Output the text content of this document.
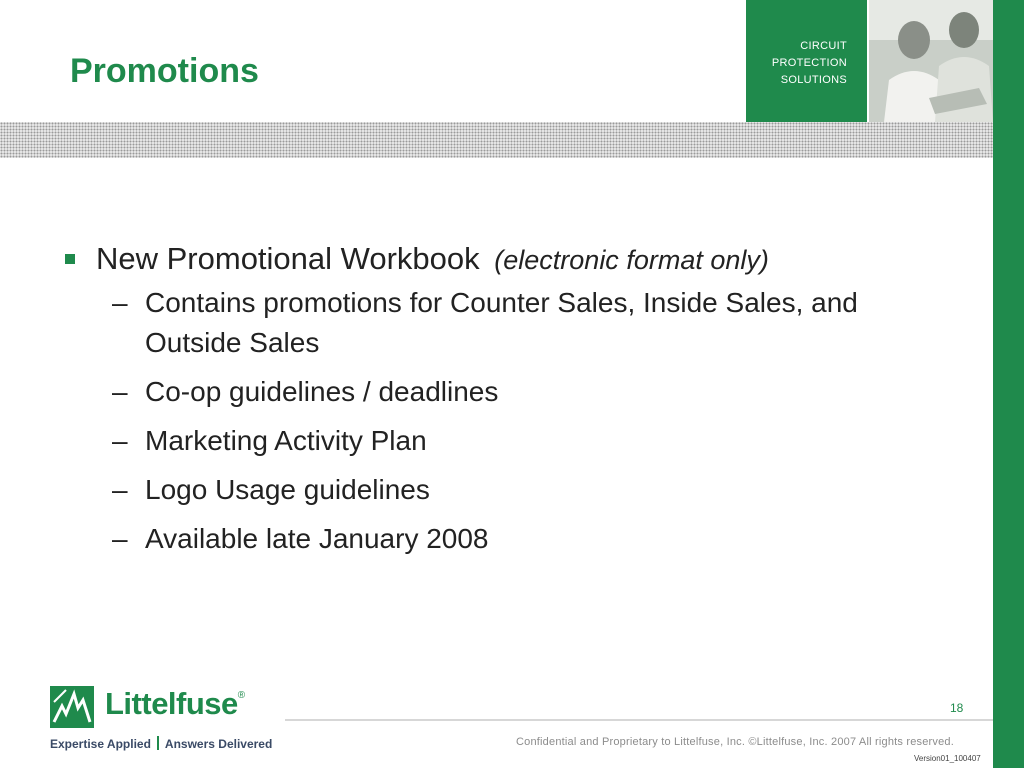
Promotions
CIRCUIT
PROTECTION
SOLUTIONS
New Promotional Workbook (electronic format only)
– Contains promotions for Counter Sales, Inside Sales, and Outside Sales
– Co-op guidelines / deadlines
– Marketing Activity Plan
– Logo Usage guidelines
– Available late January 2008
Littelfuse®
Expertise Applied Answers Delivered
18
Confidential and Proprietary to Littelfuse, Inc. ©Littelfuse, Inc. 2007 All rights reserved.
Version01_100407
